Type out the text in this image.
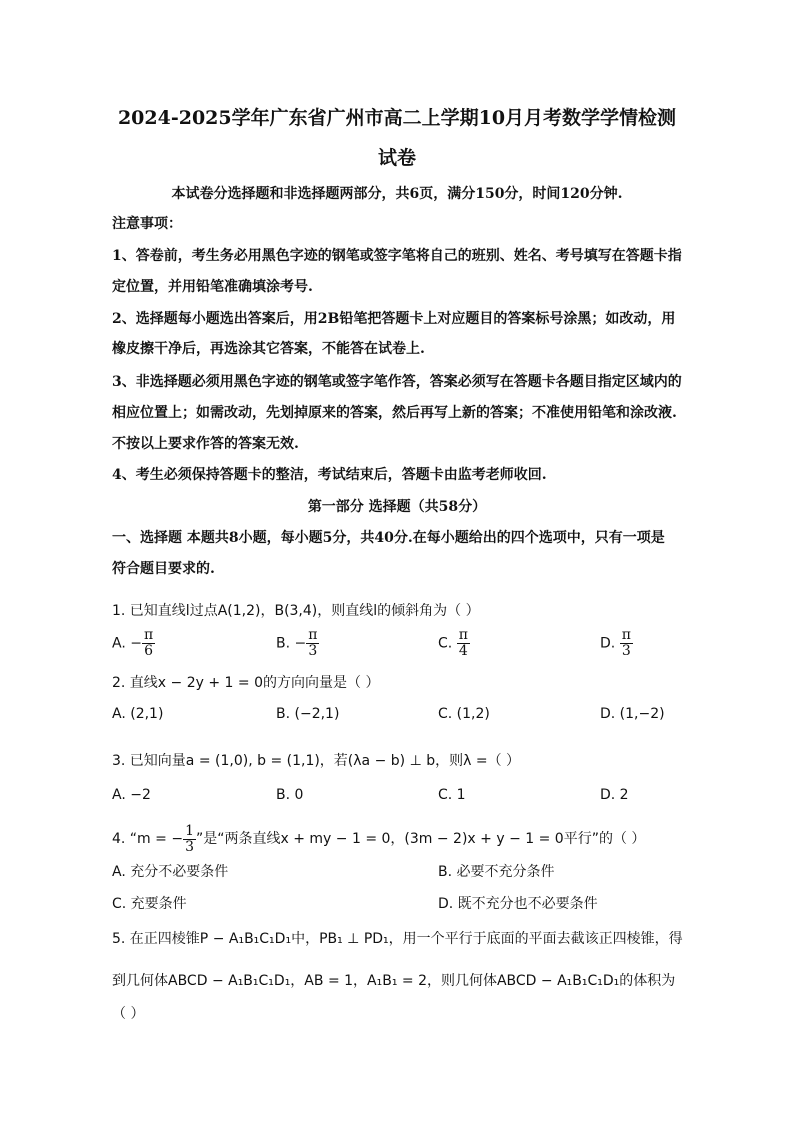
2024-2025学年广东省广州市高二上学期10月月考数学学情检测
试卷
本试卷分选择题和非选择题两部分，共6页，满分150分，时间120分钟.
注意事项：
1、答卷前，考生务必用黑色字迹的钢笔或签字笔将自己的班别、姓名、考号填写在答题卡指
定位置，并用铅笔准确填涂考号.
2、选择题每小题选出答案后，用2B铅笔把答题卡上对应题目的答案标号涂黑；如改动，用
橡皮擦干净后，再选涂其它答案，不能答在试卷上.
3、非选择题必须用黑色字迹的钢笔或签字笔作答，答案必须写在答题卡各题目指定区域内的
相应位置上；如需改动，先划掉原来的答案，然后再写上新的答案；不准使用铅笔和涂改液.
不按以上要求作答的答案无效.
4、考生必须保持答题卡的整洁，考试结束后，答题卡由监考老师收回.
第一部分 选择题（共58分）
一、选择题 本题共8小题，每小题5分，共40分.在每小题给出的四个选项中，只有一项是
符合题目要求的.
1. 已知直线l过点A(1,2)，B(3,4)，则直线l的倾斜角为（ ）
A. − $\frac{\pi}{6}$	B. − $\frac{\pi}{3}$	C. $\frac{\pi}{4}$	D. $\frac{\pi}{3}$
2. 直线x − 2y + 1 = 0的方向向量是（ ）
A. (2,1)	B. (−2,1)	C. (1,2)	D. (1,−2)
3. 已知向量a = (1,0), b = (1,1)，若(λa − b) ⊥ b，则λ =（ ）
A. −2	B. 0	C. 1	D. 2
4. “m = − $\frac{1}{3}$ ”是“两条直线x + my − 1 = 0，(3m − 2)x + y − 1 = 0平行”的（ ）
A. 充分不必要条件	B. 必要不充分条件
C. 充要条件	D. 既不充分也不必要条件
5. 在正四棱锥P − A₁B₁C₁D₁中，PB₁ ⊥ PD₁，用一个平行于底面的平面去截该正四棱锥，得
到几何体ABCD − A₁B₁C₁D₁，AB = 1，A₁B₁ = 2，则几何体ABCD − A₁B₁C₁D₁的体积为
（ ）
